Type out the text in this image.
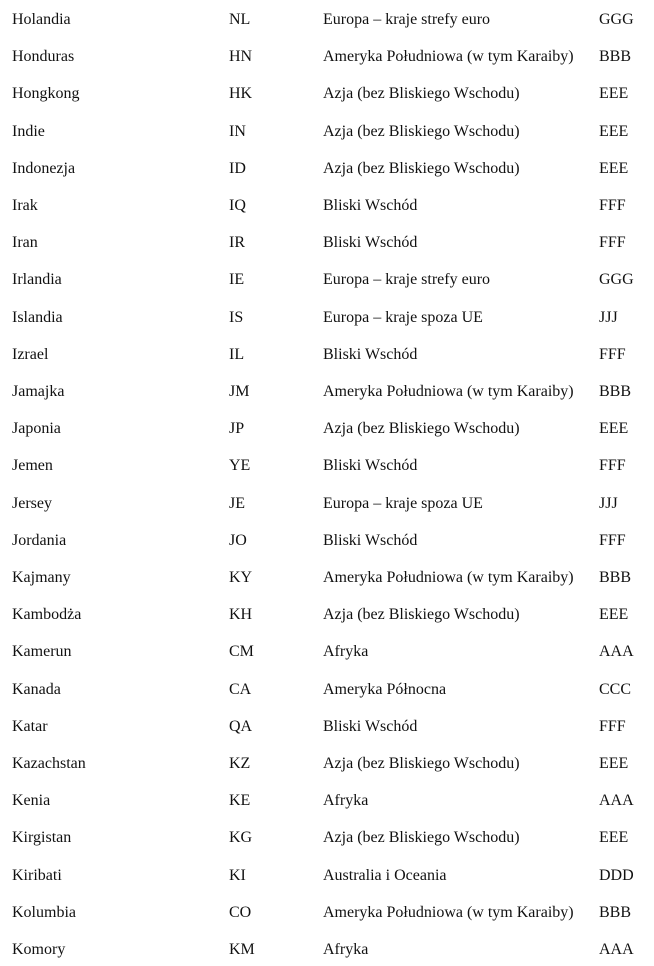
Holandia	NL	Europa – kraje strefy euro	GGG
Honduras	HN	Ameryka Południowa (w tym Karaiby) BBB
Hongkong	HK	Azja (bez Bliskiego Wschodu)	EEE
Indie	IN	Azja (bez Bliskiego Wschodu)	EEE
Indonezja	ID	Azja (bez Bliskiego Wschodu)	EEE
Irak	IQ	Bliski Wschód	FFF
Iran	IR	Bliski Wschód	FFF
Irlandia	IE	Europa – kraje strefy euro	GGG
Islandia	IS	Europa – kraje spoza UE	JJJ
Izrael	IL	Bliski Wschód	FFF
Jamajka	JM	Ameryka Południowa (w tym Karaiby) BBB
Japonia	JP	Azja (bez Bliskiego Wschodu)	EEE
Jemen	YE	Bliski Wschód	FFF
Jersey	JE	Europa – kraje spoza UE	JJJ
Jordania	JO	Bliski Wschód	FFF
Kajmany	KY	Ameryka Południowa (w tym Karaiby) BBB
Kambodża	KH	Azja (bez Bliskiego Wschodu)	EEE
Kamerun	CM	Afryka	AAA
Kanada	CA	Ameryka Północna	CCC
Katar	QA	Bliski Wschód	FFF
Kazachstan	KZ	Azja (bez Bliskiego Wschodu)	EEE
Kenia	KE	Afryka	AAA
Kirgistan	KG	Azja (bez Bliskiego Wschodu)	EEE
Kiribati	KI	Australia i Oceania	DDD
Kolumbia	CO	Ameryka Południowa (w tym Karaiby) BBB
Komory	KM	Afryka	AAA
